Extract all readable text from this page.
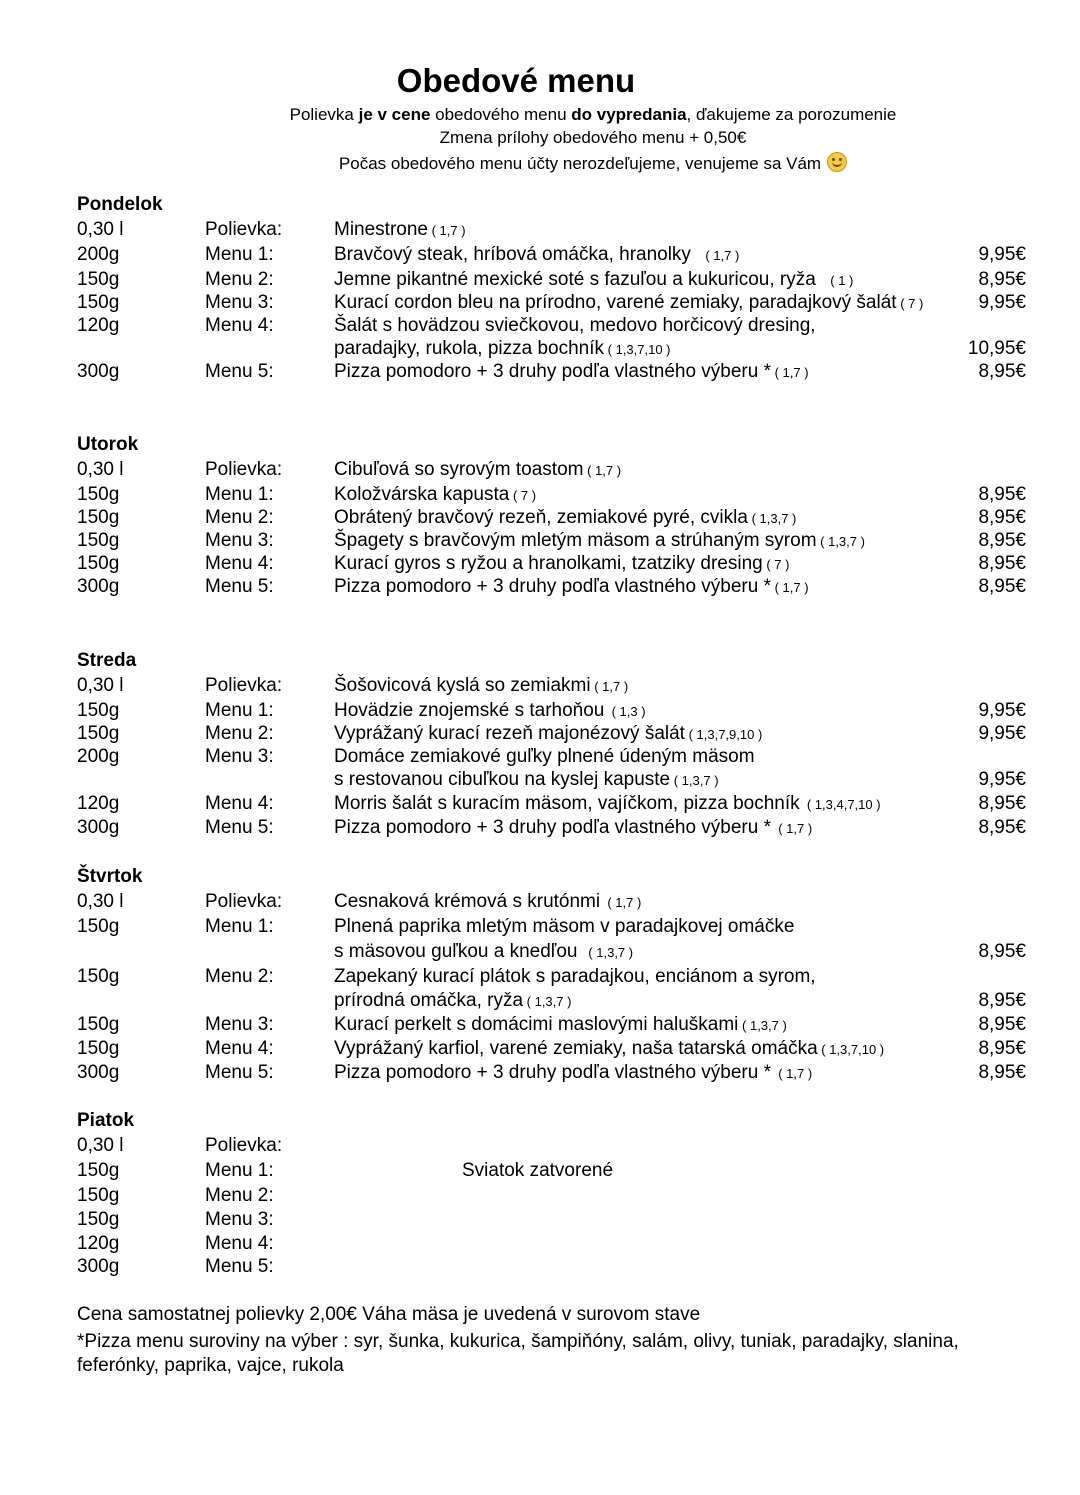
Obedové menu
Polievka je v cene obedového menu do vypredania, ďakujeme za porozumenie
Zmena prílohy obedového menu + 0,50€
Počas obedového menu účty nerozdeľujeme, venujeme sa Vám
Pondelok
0,30 l	Polievka:	Minestrone ( 1,7 )
200g	Menu 1:	Bravčový steak, hríbová omáčka, hranolky    ( 1,7 )	9,95€
150g	Menu 2:	Jemne pikantné mexické soté s fazuľou a kukuricou, ryža    ( 1 )	8,95€
150g	Menu 3:	Kurací cordon bleu na prírodno, varené zemiaky, paradajkový šalát ( 7 )	9,95€
120g	Menu 4:	Šalát s hovädzou sviečkovou, medovo horčicový dresing,
paradajky, rukola, pizza bochník ( 1,3,7,10 )	10,95€
300g	Menu 5:	Pizza pomodoro + 3 druhy podľa vlastného výberu * ( 1,7 )	8,95€
Utorok
0,30 l	Polievka:	Cibuľová so syrovým toastom ( 1,7 )
150g	Menu 1:	Koložvárska kapusta ( 7 )	8,95€
150g	Menu 2:	Obrátený bravčový rezeň, zemiakové pyré, cvikla ( 1,3,7 )	8,95€
150g	Menu 3:	Špagety s bravčovým mletým mäsom a strúhaným syrom ( 1,3,7 )	8,95€
150g	Menu 4:	Kurací gyros s ryžou a hranolkami, tzatziky dresing ( 7 )	8,95€
300g	Menu 5:	Pizza pomodoro + 3 druhy podľa vlastného výberu * ( 1,7 )	8,95€
Streda
0,30 l	Polievka:	Šošovicová kyslá so zemiakmi ( 1,7 )
150g	Menu 1:	Hovädzie znojemské s tarhoňou  ( 1,3 )	9,95€
150g	Menu 2:	Vyprážaný kurací rezeň majonézový šalát ( 1,3,7,9,10 )	9,95€
200g	Menu 3:	Domáce zemiakové guľky plnené údeným mäsom
s restovanou cibuľkou na kyslej kapuste ( 1,3,7 )	9,95€
120g	Menu 4:	Morris šalát s kuracím mäsom, vajíčkom, pizza bochník  ( 1,3,4,7,10 )	8,95€
300g	Menu 5:	Pizza pomodoro + 3 druhy podľa vlastného výberu *  ( 1,7 )	8,95€
Štvrtok
0,30 l	Polievka:	Cesnaková krémová s krutónmi  ( 1,7 )
150g	Menu 1:	Plnená paprika mletým mäsom v paradajkovej omáčke
s mäsovou guľkou a knedľou   ( 1,3,7 )	8,95€
150g	Menu 2:	Zapekaný kurací plátok s paradajkou, enciánom a syrom,
prírodná omáčka, ryža ( 1,3,7 )	8,95€
150g	Menu 3:	Kurací perkelt s domácimi maslovými haluškami ( 1,3,7 )	8,95€
150g	Menu 4:	Vyprážaný karfiol, varené zemiaky, naša tatarská omáčka ( 1,3,7,10 )	8,95€
300g	Menu 5:	Pizza pomodoro + 3 druhy podľa vlastného výberu *  ( 1,7 )	8,95€
Piatok
0,30 l	Polievka:
150g	Menu 1:
150g	Menu 2:
150g	Menu 3:
120g	Menu 4:
300g	Menu 5:
Sviatok zatvorené
Cena samostatnej polievky 2,00€ Váha mäsa je uvedená v surovom stave
*Pizza menu suroviny na výber : syr, šunka, kukurica, šampiňóny, salám, olivy, tuniak, paradajky, slanina,
feferónky, paprika, vajce, rukola
